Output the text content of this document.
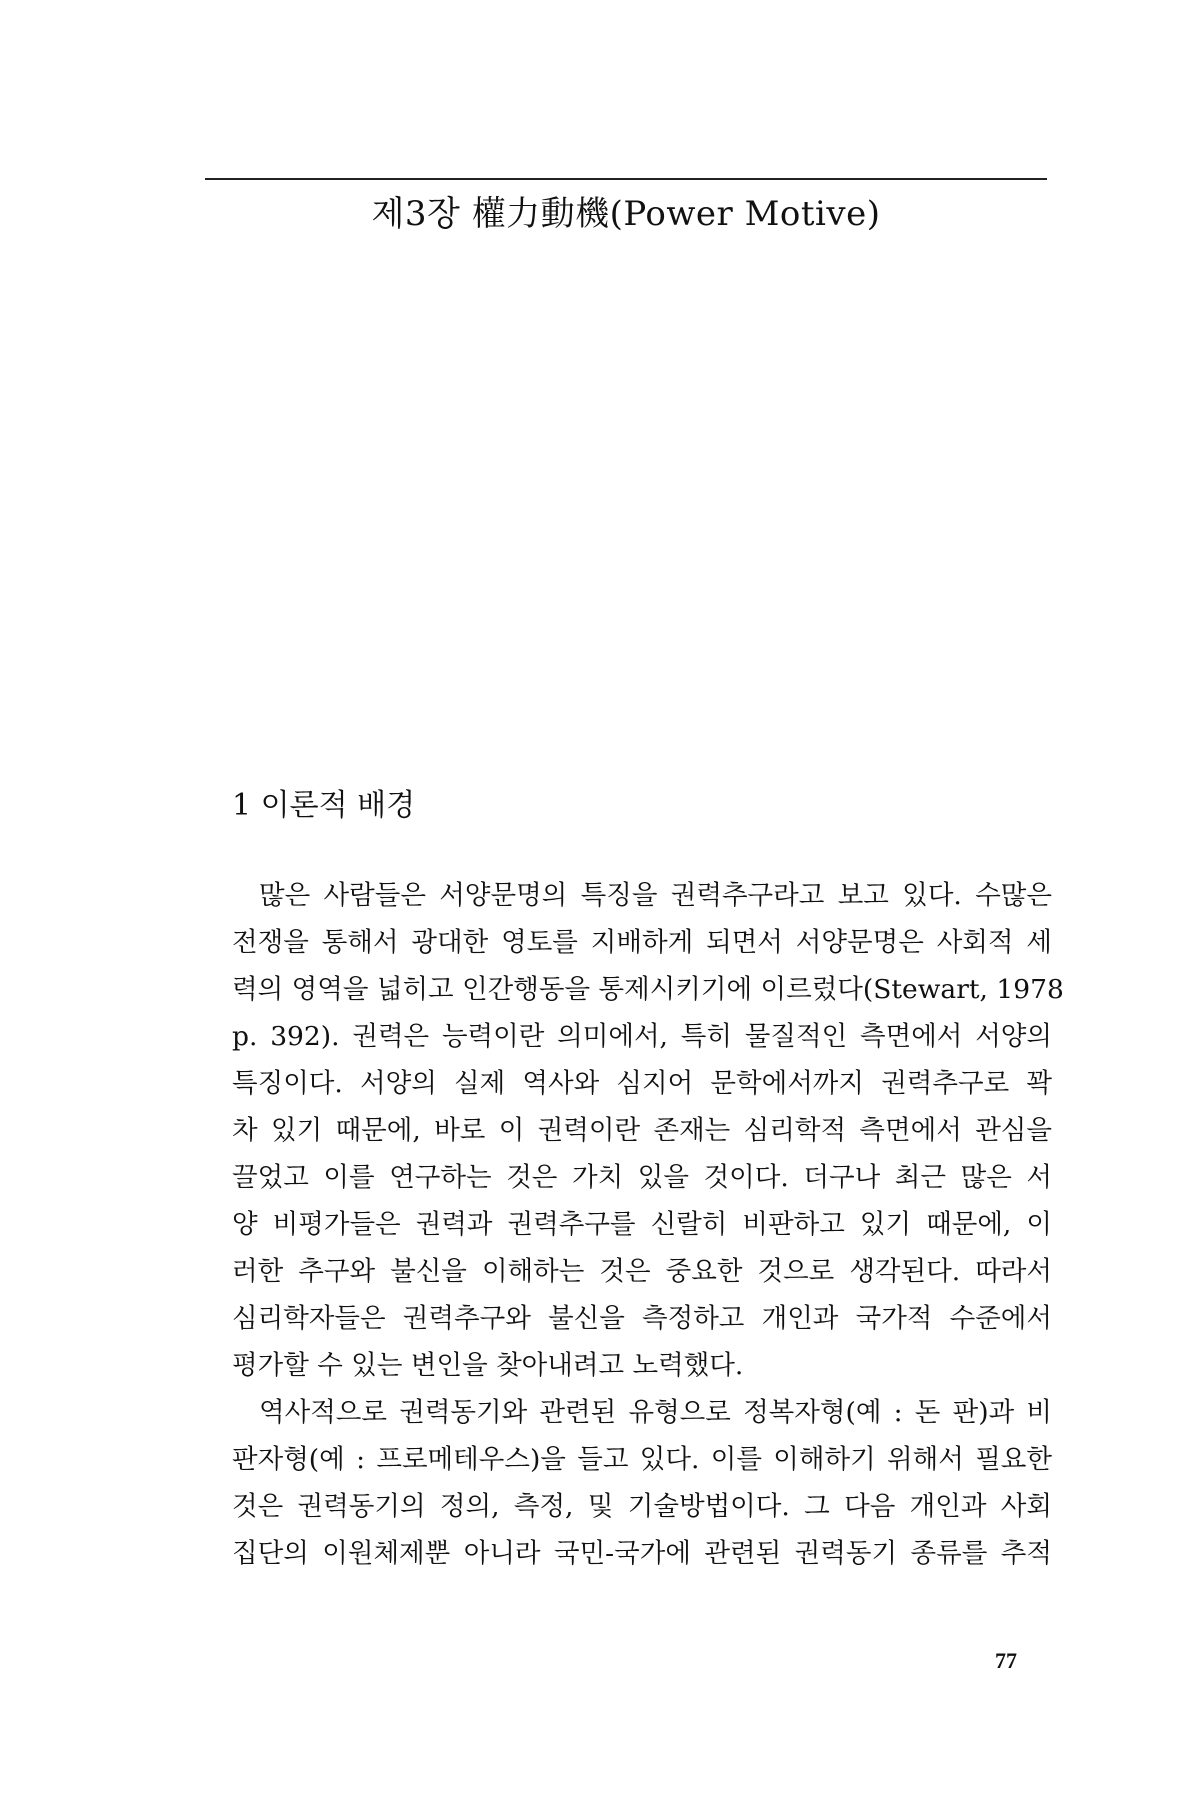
제3장 權力動機(Power Motive)
1 이론적 배경
많은 사람들은 서양문명의 특징을 권력추구라고 보고 있다. 수많은
전쟁을 통해서 광대한 영토를 지배하게 되면서 서양문명은 사회적 세
력의 영역을 넓히고 인간행동을 통제시키기에 이르렀다(Stewart, 1978
p. 392). 권력은 능력이란 의미에서, 특히 물질적인 측면에서 서양의
특징이다. 서양의 실제 역사와 심지어 문학에서까지 권력추구로 꽉
차 있기 때문에, 바로 이 권력이란 존재는 심리학적 측면에서 관심을
끌었고 이를 연구하는 것은 가치 있을 것이다. 더구나 최근 많은 서
양 비평가들은 권력과 권력추구를 신랄히 비판하고 있기 때문에, 이
러한 추구와 불신을 이해하는 것은 중요한 것으로 생각된다. 따라서
심리학자들은 권력추구와 불신을 측정하고 개인과 국가적 수준에서
평가할 수 있는 변인을 찾아내려고 노력했다.
역사적으로 권력동기와 관련된 유형으로 정복자형(예 : 돈 판)과 비
판자형(예 : 프로메테우스)을 들고 있다. 이를 이해하기 위해서 필요한
것은 권력동기의 정의, 측정, 및 기술방법이다. 그 다음 개인과 사회
집단의 이원체제뿐 아니라 국민-국가에 관련된 권력동기 종류를 추적
77
